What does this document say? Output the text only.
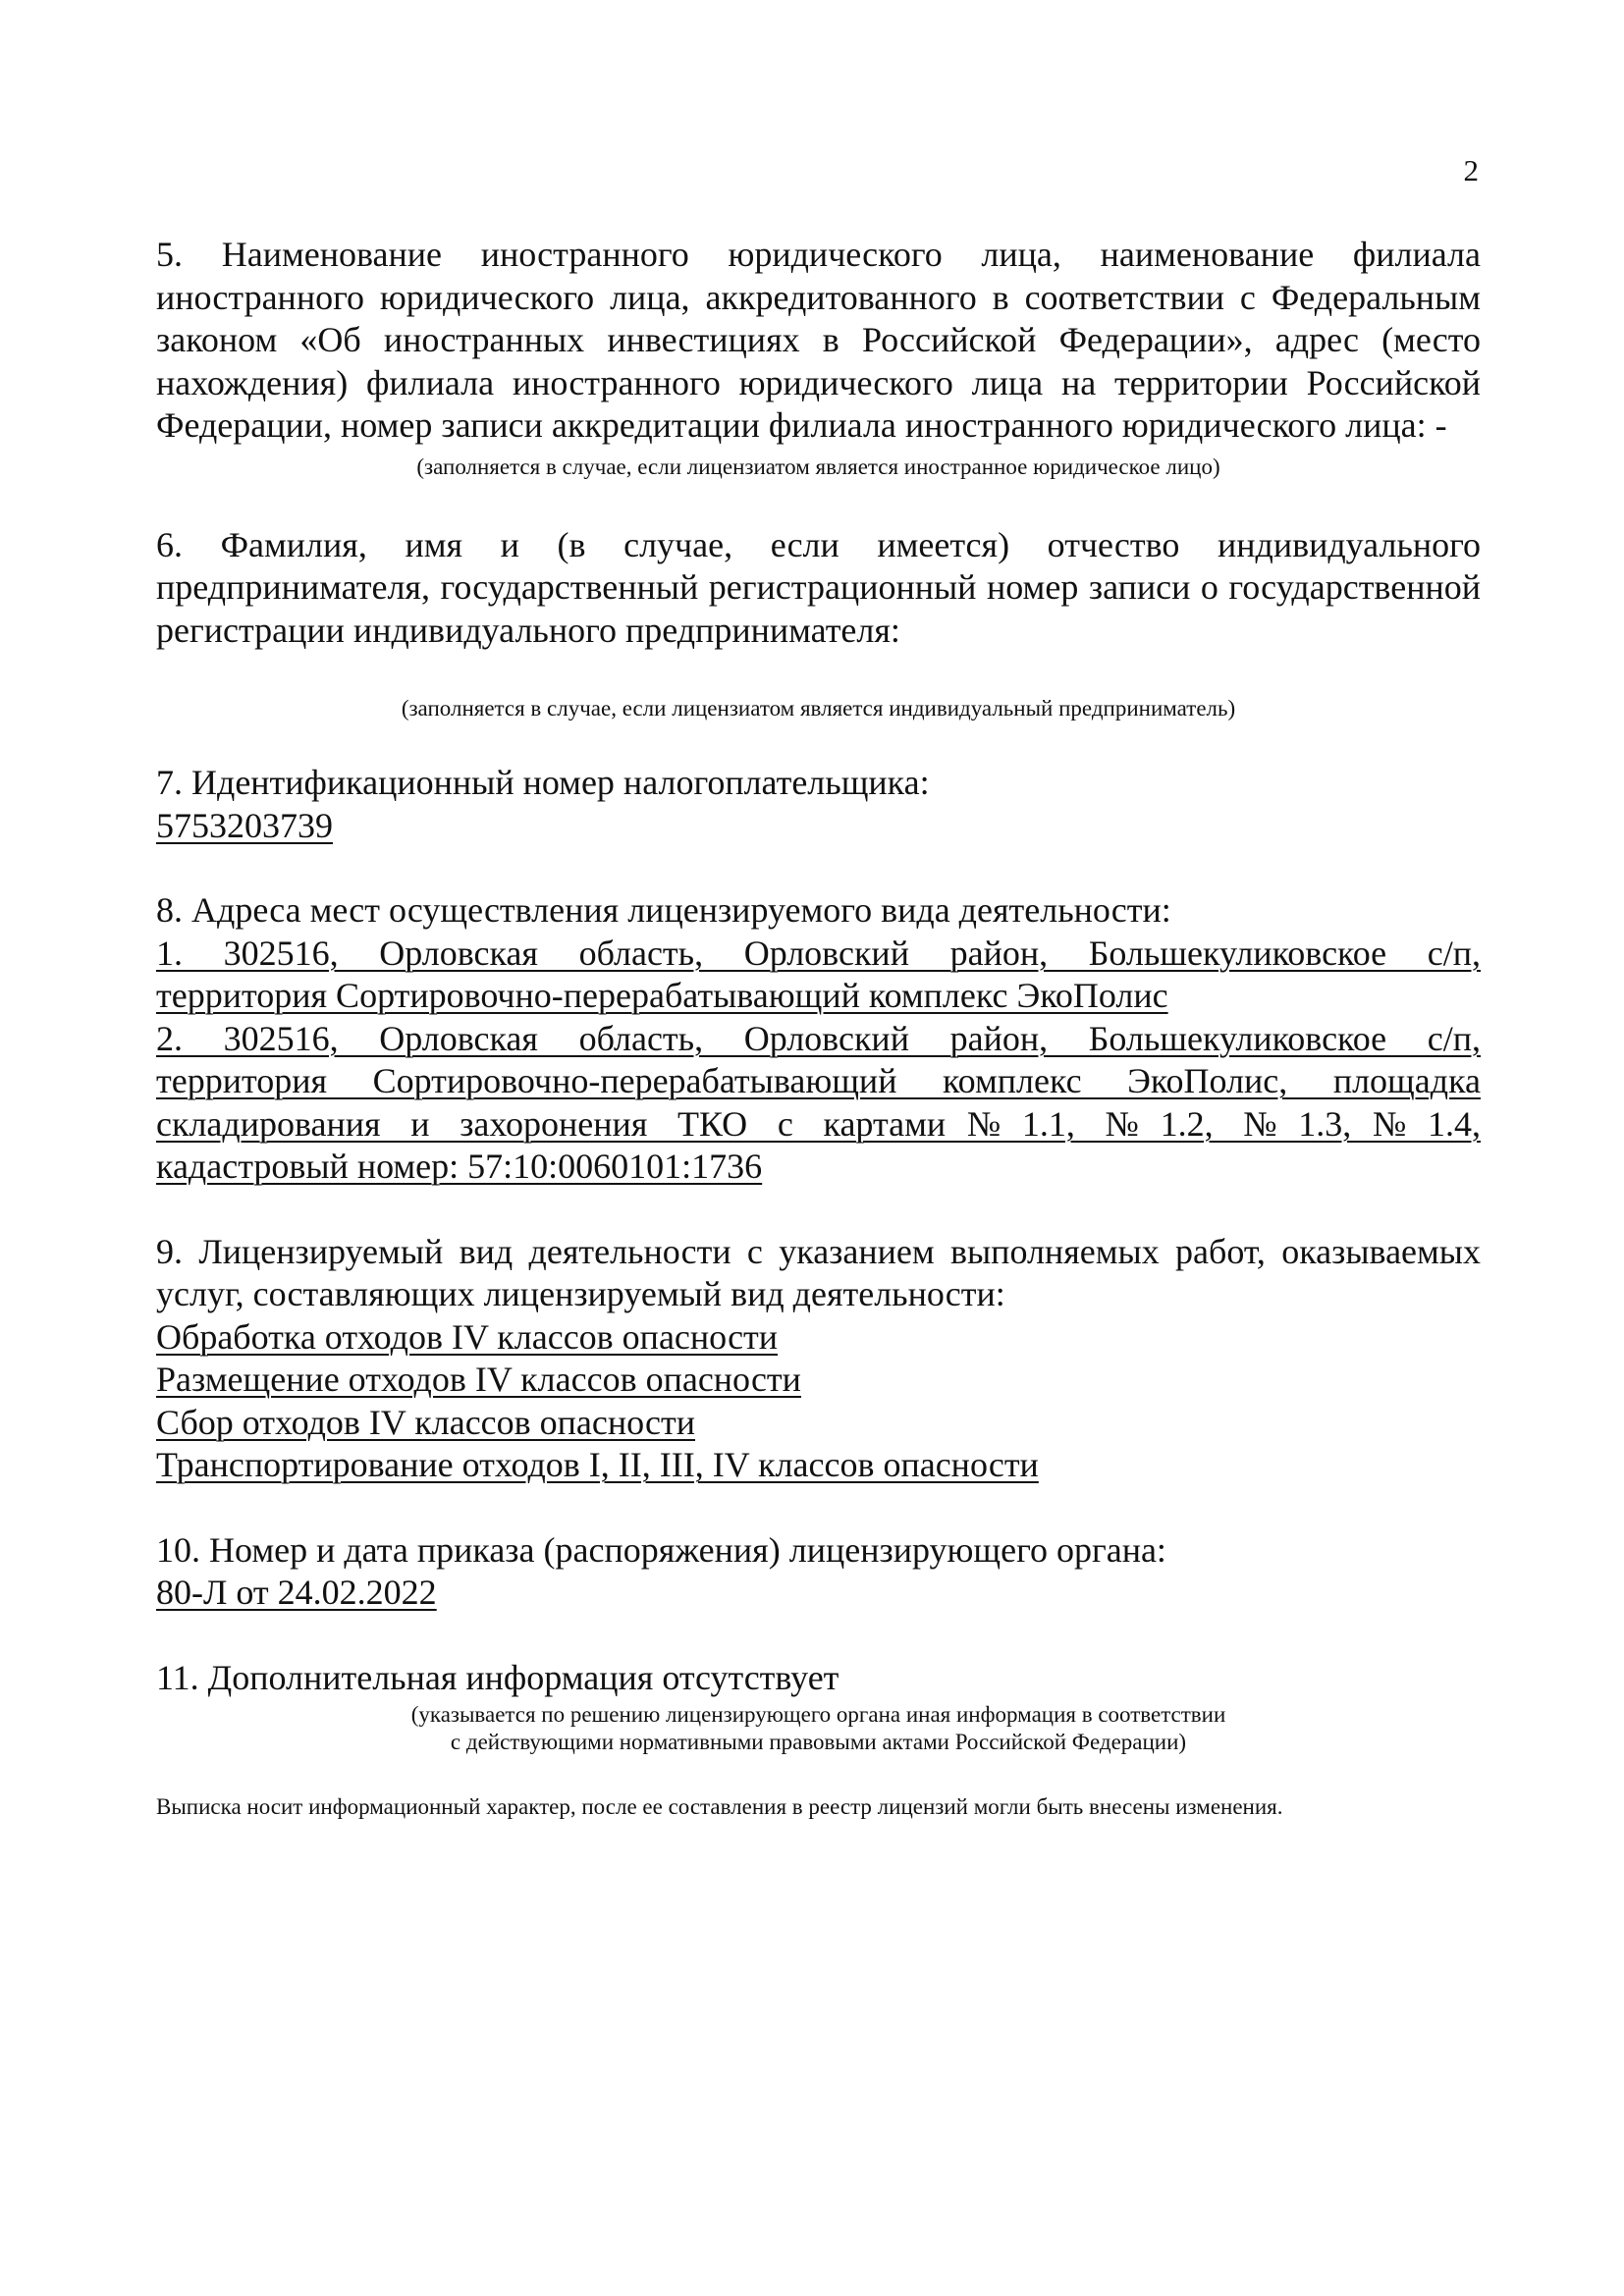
2

5. Наименование иностранного юридического лица, наименование филиала иностранного юридического лица, аккредитованного в соответствии с Федеральным законом «Об иностранных инвестициях в Российской Федерации», адрес (место нахождения) филиала иностранного юридического лица на территории Российской Федерации, номер записи аккредитации филиала иностранного юридического лица: -

(заполняется в случае, если лицензиатом является иностранное юридическое лицо)

6. Фамилия, имя и (в случае, если имеется) отчество индивидуального предпринимателя, государственный регистрационный номер записи о государственной регистрации индивидуального предпринимателя:

(заполняется в случае, если лицензиатом является индивидуальный предприниматель)

7. Идентификационный номер налогоплательщика:

5753203739

8. Адреса мест осуществления лицензируемого вида деятельности:

1. 302516, Орловская область, Орловский район, Большекуликовское с/п,

территория Сортировочно-перерабатывающий комплекс ЭкоПолис

2. 302516, Орловская область, Орловский район, Большекуликовское с/п,

территория Сортировочно-перерабатывающий комплекс ЭкоПолис, площадка

складирования и захоронения ТКО с картами№1.1, №1.2, №1.3,№1.4,

кадастровый номер: 57:10:0060101:1736

9. Лицензируемый вид деятельности с указанием выполняемых работ, оказываемых услуг, составляющих лицензируемый вид деятельности:

Обработка отходов IV классов опасности

Размещение отходов IV классов опасности

Сбор отходов IV классов опасности

Транспортирование отходов I, II, III, IV классов опасности

10. Номер и дата приказа (распоряжения) лицензирующего органа:

80-Л от 24.02.2022

11. Дополнительная информация отсутствует

(указывается по решению лицензирующего органа иная информация в соответствии

с действующими нормативными правовыми актами Российской Федерации)

Выписка носит информационный характер, после ее составления в реестр лицензий могли быть внесены изменения.
